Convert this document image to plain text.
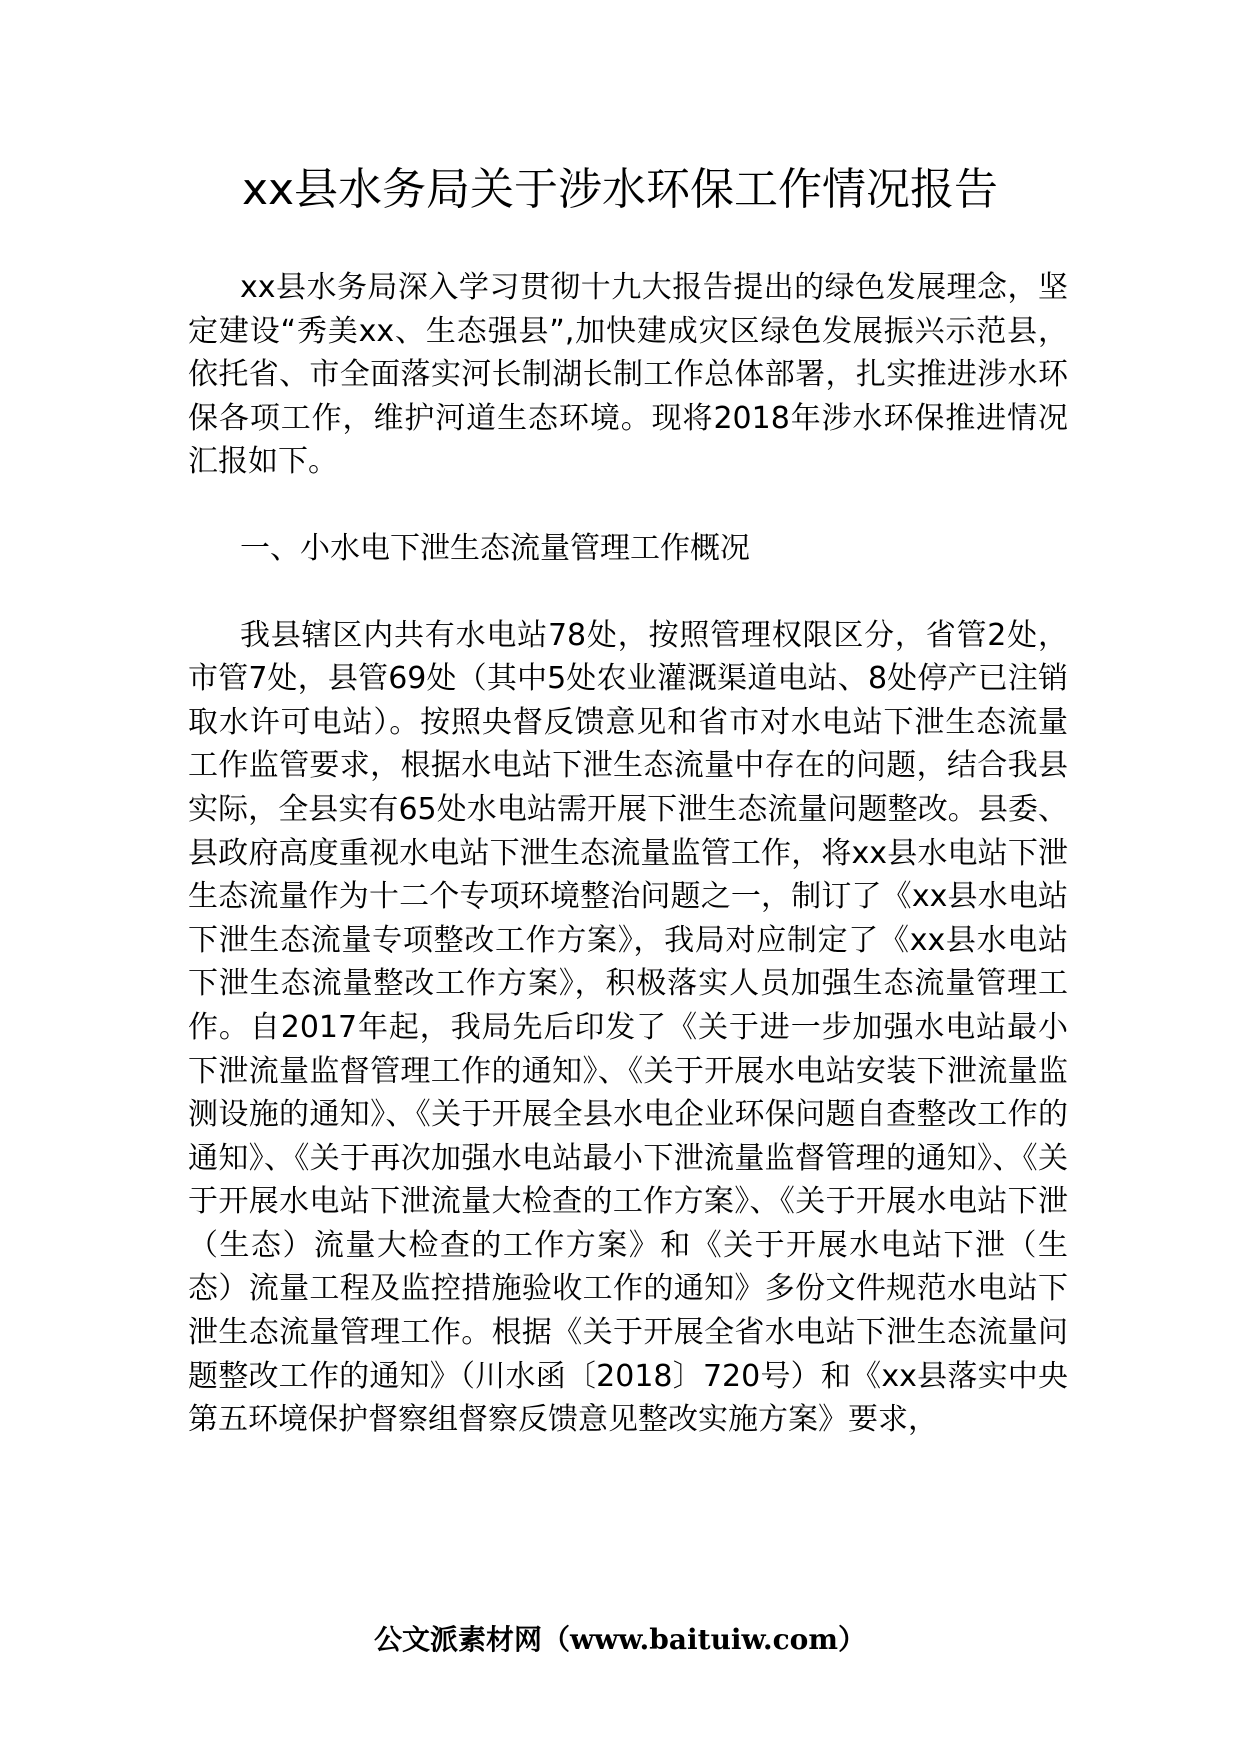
xx县水务局关于涉水环保工作情况报告

xx县水务局深入学习贯彻十九大报告提出的绿色发展理念，坚定建设“秀美xx、生态强县”,加快建成灾区绿色发展振兴示范县，依托省、市全面落实河长制湖长制工作总体部署，扎实推进涉水环保各项工作，维护河道生态环境。现将2018年涉水环保推进情况汇报如下。

一、小水电下泄生态流量管理工作概况

我县辖区内共有水电站78处，按照管理权限区分，省管2处，市管7处，县管69处（其中5处农业灌溉渠道电站、8处停产已注销取水许可电站）。按照央督反馈意见和省市对水电站下泄生态流量工作监管要求，根据水电站下泄生态流量中存在的问题，结合我县实际，全县实有65处水电站需开展下泄生态流量问题整改。县委、县政府高度重视水电站下泄生态流量监管工作，将xx县水电站下泄生态流量作为十二个专项环境整治问题之一，制订了《xx县水电站下泄生态流量专项整改工作方案》，我局对应制定了《xx县水电站下泄生态流量整改工作方案》，积极落实人员加强生态流量管理工作。自2017年起，我局先后印发了《关于进一步加强水电站最小下泄流量监督管理工作的通知》、《关于开展水电站安装下泄流量监测设施的通知》、《关于开展全县水电企业环保问题自查整改工作的通知》、《关于再次加强水电站最小下泄流量监督管理的通知》、《关于开展水电站下泄流量大检查的工作方案》、《关于开展水电站下泄（生态）流量大检查的工作方案》和《关于开展水电站下泄（生态）流量工程及监控措施验收工作的通知》多份文件规范水电站下泄生态流量管理工作。根据《关于开展全省水电站下泄生态流量问题整改工作的通知》（川水函〔2018〕720号）和《xx县落实中央第五环境保护督察组督察反馈意见整改实施方案》要求，

公文派素材网（www.baituiw.com）
